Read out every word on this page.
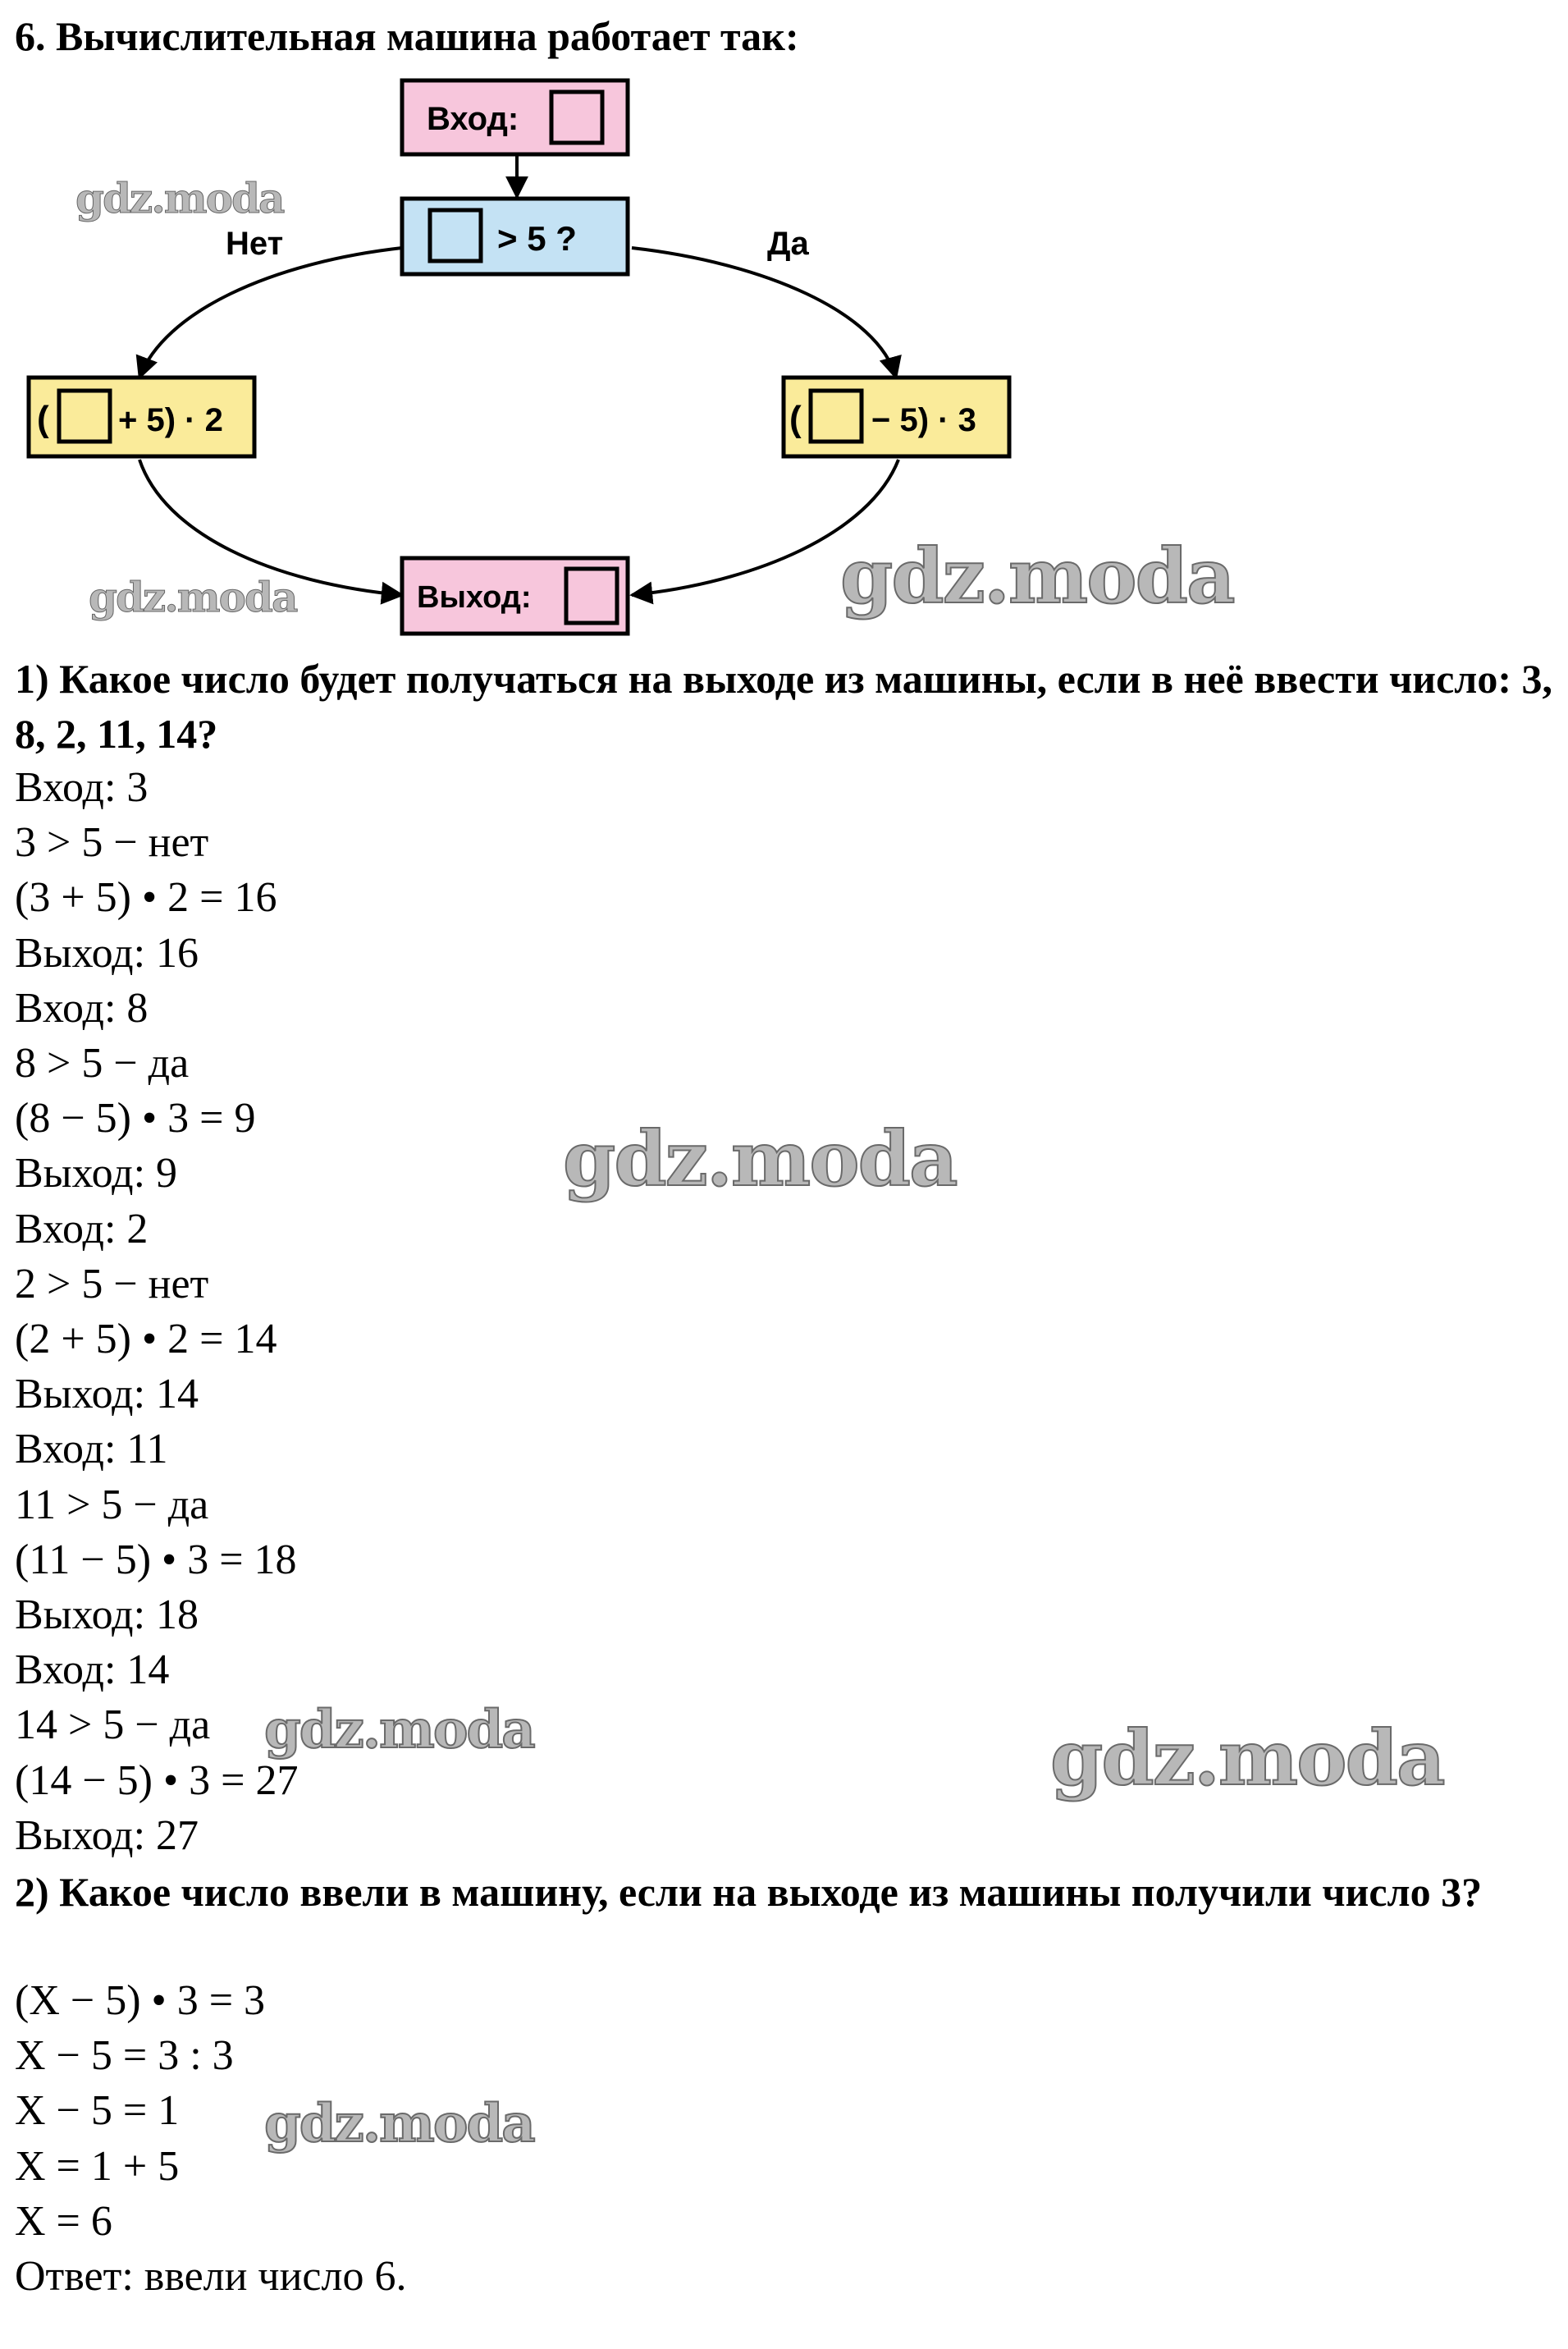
6. Вычислительная машина работает так:
Вход:
> 5 ?
Нет	Да
( + 5) · 2	( − 5) · 3
Выход:
1) Какое число будет получаться на выходе из машины, если в неё ввести число: 3, 8, 2, 11, 14?
Вход: 3
3 > 5 − нет
(3 + 5) • 2 = 16
Выход: 16
Вход: 8
8 > 5 − да
(8 − 5) • 3 = 9
Выход: 9
Вход: 2
2 > 5 − нет
(2 + 5) • 2 = 14
Выход: 14
Вход: 11
11 > 5 − да
(11 − 5) • 3 = 18
Выход: 18
Вход: 14
14 > 5 − да
(14 − 5) • 3 = 27
Выход: 27
2) Какое число ввели в машину, если на выходе из машины получили число 3?
(X − 5) • 3 = 3
X − 5 = 3 : 3
X − 5 = 1
X = 1 + 5
X = 6
Ответ: ввели число 6.
gdz.moda
gdz.moda	gdz.moda
gdz.moda
gdz.moda	gdz.moda
gdz.moda
